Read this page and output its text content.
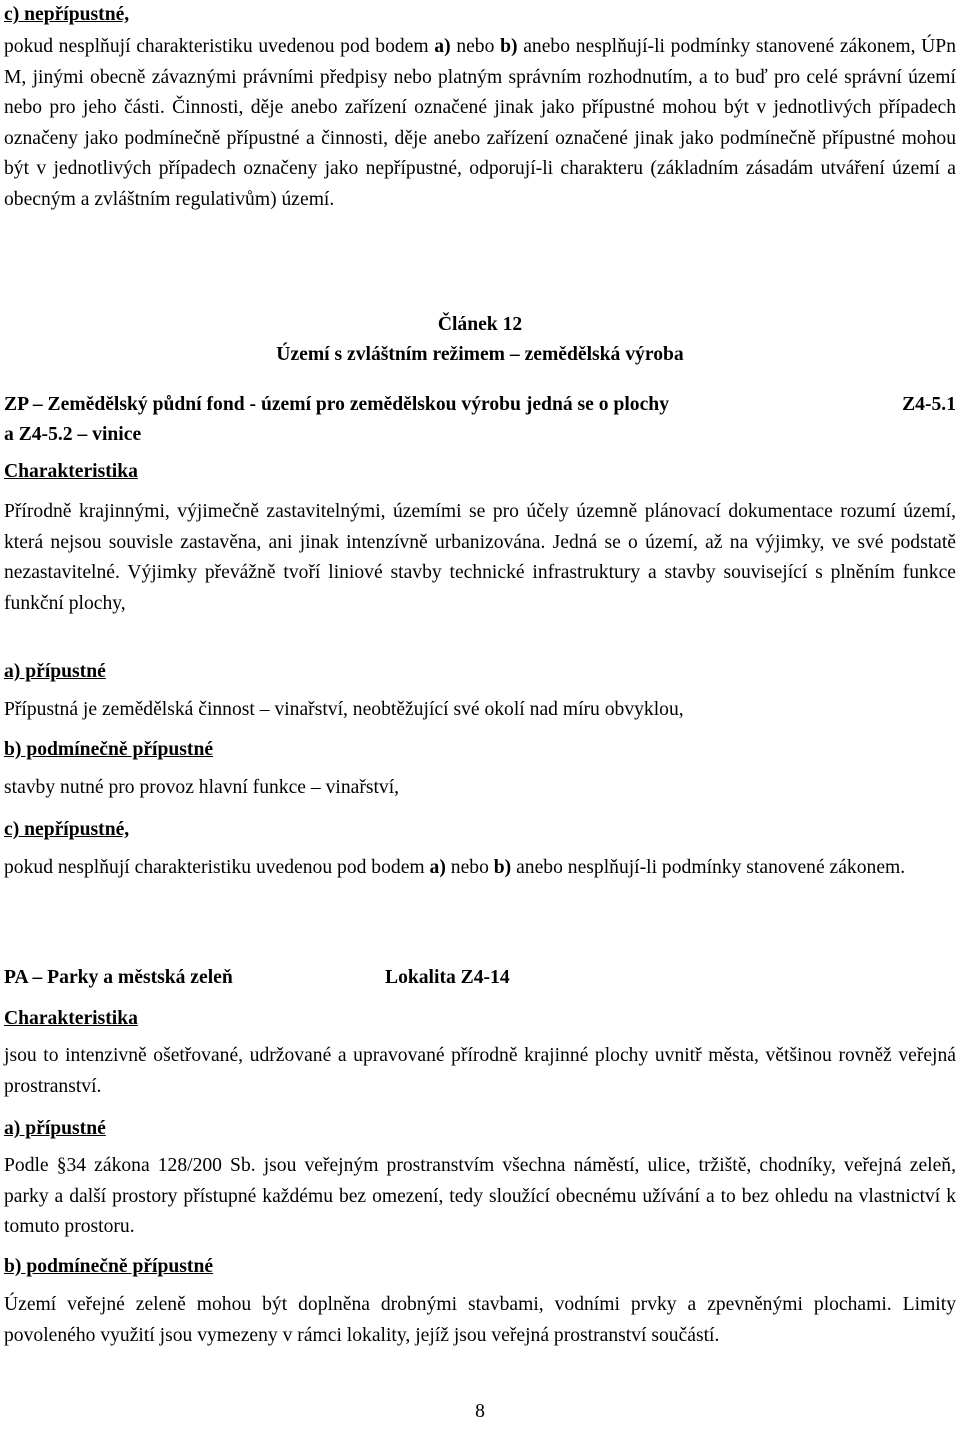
c) nepřípustné,

pokud nesplňují charakteristiku uvedenou pod bodem a) nebo b) anebo nesplňují-li podmínky stanovené zákonem, ÚPn M, jinými obecně závaznými právními předpisy nebo platným správním rozhodnutím, a to buď pro celé správní území nebo pro jeho části. Činnosti, děje anebo zařízení označené jinak jako přípustné mohou být v jednotlivých případech označeny jako podmínečně přípustné a činnosti, děje anebo zařízení označené jinak jako podmínečně přípustné mohou být v jednotlivých případech označeny jako nepřípustné, odporují-li charakteru (základním zásadám utváření území a obecným a zvláštním regulativům) území.

Článek 12

Území s zvláštním režimem – zemědělská výroba

ZP – Zemědělský půdní fond - území pro zemědělskou výrobu jedná se o plochy	Z4-5.1

a Z4-5.2 – vinice

Charakteristika

Přírodně krajinnými, výjimečně zastavitelnými, územími se pro účely územně plánovací dokumentace rozumí území, která nejsou souvisle zastavěna, ani jinak intenzívně urbanizována. Jedná se o území, až na výjimky, ve své podstatě nezastavitelné. Výjimky převážně tvoří liniové stavby technické infrastruktury a stavby související s plněním funkce funkční plochy,

a) přípustné

Přípustná je zemědělská činnost – vinařství, neobtěžující své okolí nad míru obvyklou,

b) podmínečně přípustné

stavby nutné pro provoz hlavní funkce – vinařství,

c) nepřípustné,

pokud nesplňují charakteristiku uvedenou pod bodem a) nebo b) anebo nesplňují-li podmínky stanovené zákonem.

PA – Parky a městská zeleň	Lokalita Z4-14

Charakteristika

jsou to intenzivně ošetřované, udržované a upravované přírodně krajinné plochy uvnitř města, většinou rovněž veřejná prostranství.

a) přípustné

Podle §34 zákona 128/200 Sb. jsou veřejným prostranstvím všechna náměstí, ulice, tržiště, chodníky, veřejná zeleň, parky a další prostory přístupné každému bez omezení, tedy sloužící obecnému užívání a to bez ohledu na vlastnictví k tomuto prostoru.

b) podmínečně přípustné

Území veřejné zeleně mohou být doplněna drobnými stavbami, vodními prvky a zpevněnými plochami. Limity povoleného využití jsou vymezeny v rámci lokality, jejíž jsou veřejná prostranství součástí.

8
